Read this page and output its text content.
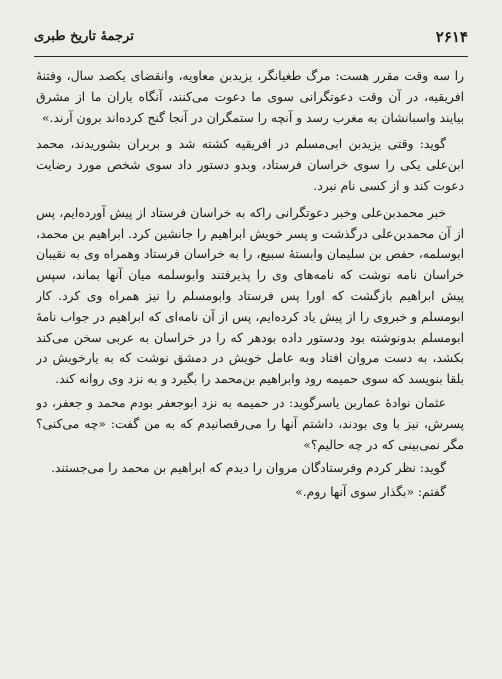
۲۶۱۴
ترجمهٔ تاریخ طبری

را سه وقت مقرر هست: مرگ طغیانگر، یزیدبن معاویه، وانقضای یکصد سال، وفتنهٔ افریقیه، در آن وقت دعوتگرانی سوی ما دعوت می‌کنند، آنگاه یاران ما از مشرق بیایند واسبانشان به مغرب رسد و آنچه را ستمگران در آنجا گنج کرده‌اند برون آرند.»

گوید: وقتی یزیدبن ابی‌مسلم در افریقیه کشته شد و بربران بشوریدند، محمد ابن‌علی یکی را سوی خراسان فرستاد، وبدو دستور داد سوی شخص مورد رضایت دعوت کند و از کسی نام نبرد.

خبر محمدبن‌علی وخبر دعوتگرانی راکه به خراسان فرستاد از پیش آورده‌ایم، پس از آن محمدبن‌علی درگذشت و پسر خویش ابراهیم را جانشین کرد. ابراهیم بن محمد، ابوسلمه، حفص بن سلیمان وابستهٔ سبیع، را به خراسان فرستاد وهمراه وی به نقیبان خراسان نامه نوشت که نامه‌های وی را پذیرفتند وابوسلمه میان آنها بماند، سپس پیش ابراهیم بازگشت که اورا پس فرستاد وابومسلم را نیز همراه وی کرد. کار ابومسلم و خبروی را از پیش یاد کرده‌ایم، پس از آن نامه‌ای که ابراهیم در جواب نامهٔ ابومسلم بدونوشته بود ودستور داده بودهر که را در خراسان به عربی سخن می‌کند بکشد، به دست مروان افتاد وبه عامل خویش در دمشق نوشت که به یارخویش در بلقا بنویسد که سوی حمیمه رود وابراهیم بن‌محمد را بگیرد و به نزد وی روانه کند.

عثمان نوادهٔ عماربن یاسرگوید: در حمیمه به نزد ابوجعفر بودم محمد و جعفر، دو پسرش، نیز با وی بودند، داشتم آنها را می‌رقصانیدم که به من گفت: «چه می‌کنی؟ مگر نمی‌بینی که در چه حالیم؟»

گوید: نظر کردم وفرستادگان مروان را دیدم که ابراهیم بن محمد را می‌جستند.

گفتم: «بگذار سوی آنها روم.»
